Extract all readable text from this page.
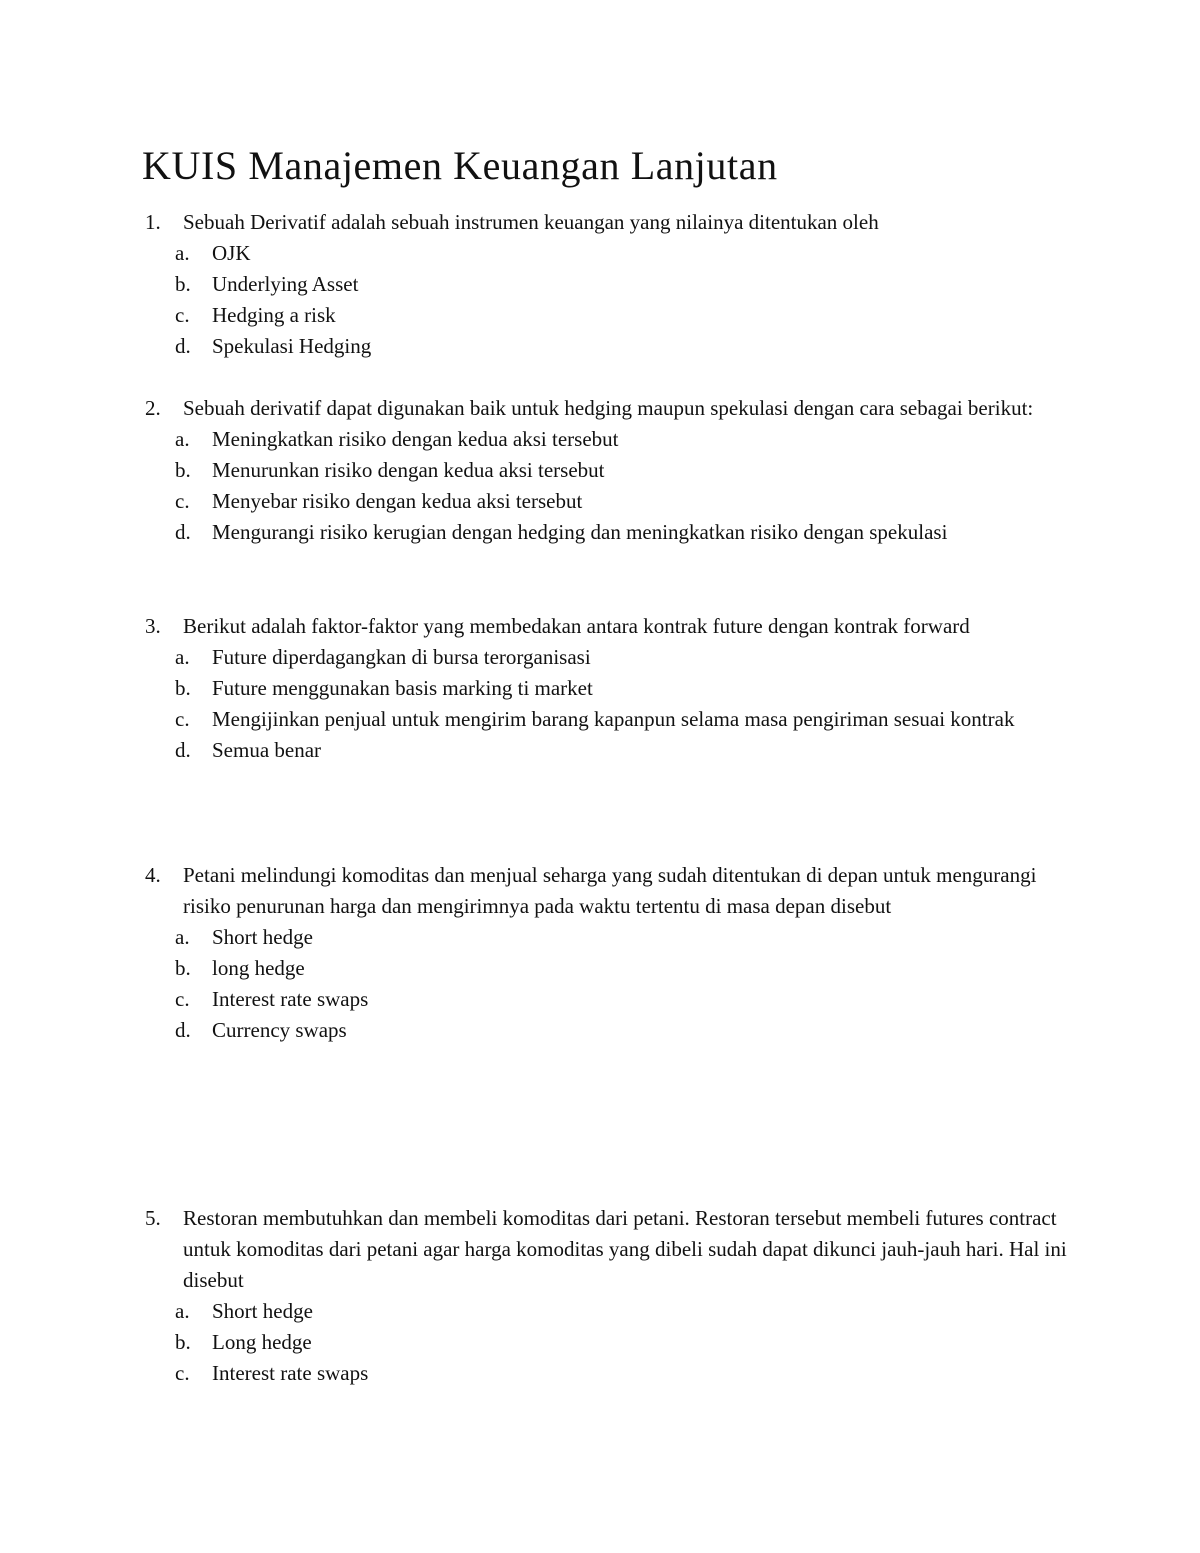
KUIS Manajemen Keuangan Lanjutan
1.	Sebuah Derivatif adalah sebuah instrumen keuangan yang nilainya ditentukan oleh
a.	OJK
b.	Underlying Asset
c.	Hedging a risk
d.	Spekulasi Hedging
2.	Sebuah derivatif dapat digunakan baik untuk hedging maupun spekulasi dengan cara sebagai berikut:
a.	Meningkatkan risiko dengan kedua aksi tersebut
b.	Menurunkan risiko dengan kedua aksi tersebut
c.	Menyebar risiko dengan kedua aksi tersebut
d.	Mengurangi risiko kerugian dengan hedging dan meningkatkan risiko dengan spekulasi
3.	Berikut adalah faktor-faktor yang membedakan antara kontrak future dengan kontrak forward
a.	Future diperdagangkan di bursa terorganisasi
b.	Future menggunakan basis marking ti market
c.	Mengijinkan penjual untuk mengirim barang kapanpun selama masa pengiriman sesuai kontrak
d.	Semua benar
4.	Petani melindungi komoditas dan menjual seharga yang sudah ditentukan di depan untuk mengurangi risiko penurunan harga dan mengirimnya pada waktu tertentu di masa depan disebut
a.	Short hedge
b.	long hedge
c.	Interest rate swaps
d.	Currency swaps
5.	Restoran membutuhkan dan membeli komoditas dari petani. Restoran tersebut membeli futures contract untuk komoditas dari petani agar harga komoditas yang dibeli sudah dapat dikunci jauh-jauh hari. Hal ini disebut
a.	Short hedge
b.	Long hedge
c.	Interest rate swaps
